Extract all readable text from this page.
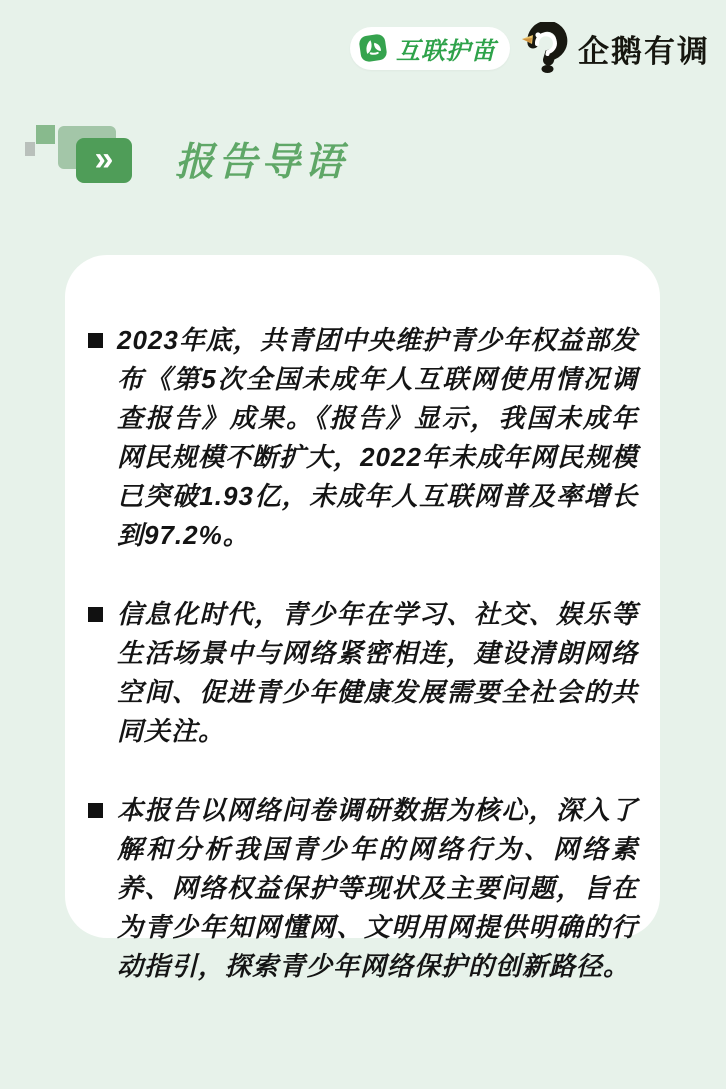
互联护苗	企鹅有调
» 报告导语

2023年底，共青团中央维护青少年权益部发布《第5次全国未成年人互联网使用情况调查报告》成果。《报告》显示，我国未成年网民规模不断扩大，2022年未成年网民规模已突破1.93亿，未成年人互联网普及率增长到97.2%。

信息化时代，青少年在学习、社交、娱乐等生活场景中与网络紧密相连，建设清朗网络空间、促进青少年健康发展需要全社会的共同关注。

本报告以网络问卷调研数据为核心，深入了解和分析我国青少年的网络行为、网络素养、网络权益保护等现状及主要问题，旨在为青少年知网懂网、文明用网提供明确的行动指引，探索青少年网络保护的创新路径。
